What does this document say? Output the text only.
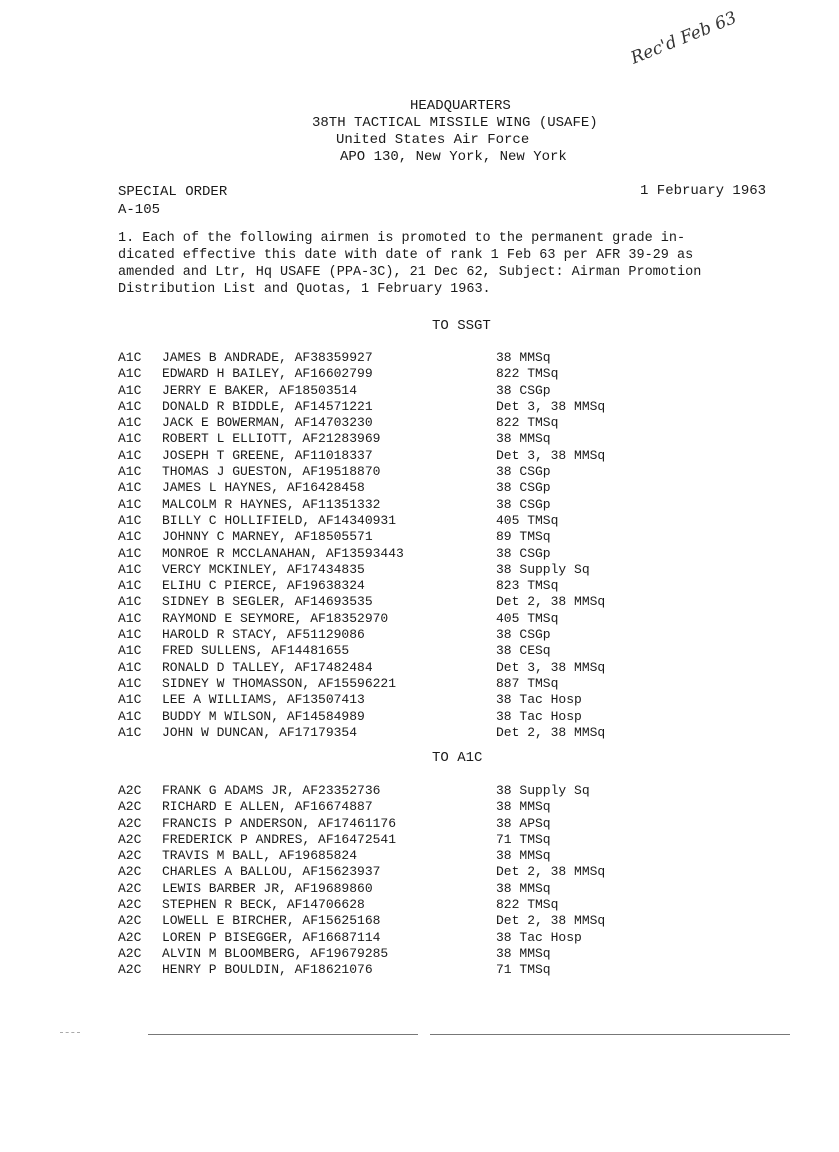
Rec'd Feb 63
HEADQUARTERS
38TH TACTICAL MISSILE WING (USAFE)
United States Air Force
APO 130, New York, New York
SPECIAL ORDER
A-105
1 February 1963
1. Each of the following airmen is promoted to the permanent grade in-
dicated effective this date with date of rank 1 Feb 63 per AFR 39-29 as
amended and Ltr, Hq USAFE (PPA-3C), 21 Dec 62, Subject: Airman Promotion
Distribution List and Quotas, 1 February 1963.
TO SSGT
A1C JAMES B ANDRADE, AF38359927	38 MMSq
A1C EDWARD H BAILEY, AF16602799	822 TMSq
A1C JERRY E BAKER, AF18503514	38 CSGp
A1C DONALD R BIDDLE, AF14571221	Det 3, 38 MMSq
A1C JACK E BOWERMAN, AF14703230	822 TMSq
A1C ROBERT L ELLIOTT, AF21283969	38 MMSq
A1C JOSEPH T GREENE, AF11018337	Det 3, 38 MMSq
A1C THOMAS J GUESTON, AF19518870	38 CSGp
A1C JAMES L HAYNES, AF16428458	38 CSGp
A1C MALCOLM R HAYNES, AF11351332	38 CSGp
A1C BILLY C HOLLIFIELD, AF14340931	405 TMSq
A1C JOHNNY C MARNEY, AF18505571	89 TMSq
A1C MONROE R MCCLANAHAN, AF13593443	38 CSGp
A1C VERCY MCKINLEY, AF17434835	38 Supply Sq
A1C ELIHU C PIERCE, AF19638324	823 TMSq
A1C SIDNEY B SEGLER, AF14693535	Det 2, 38 MMSq
A1C RAYMOND E SEYMORE, AF18352970	405 TMSq
A1C HAROLD R STACY, AF51129086	38 CSGp
A1C FRED SULLENS, AF14481655	38 CESq
A1C RONALD D TALLEY, AF17482484	Det 3, 38 MMSq
A1C SIDNEY W THOMASSON, AF15596221	887 TMSq
A1C LEE A WILLIAMS, AF13507413	38 Tac Hosp
A1C BUDDY M WILSON, AF14584989	38 Tac Hosp
A1C JOHN W DUNCAN, AF17179354	Det 2, 38 MMSq
TO A1C
A2C FRANK G ADAMS JR, AF23352736	38 Supply Sq
A2C RICHARD E ALLEN, AF16674887	38 MMSq
A2C FRANCIS P ANDERSON, AF17461176	38 APSq
A2C FREDERICK P ANDRES, AF16472541	71 TMSq
A2C TRAVIS M BALL, AF19685824	38 MMSq
A2C CHARLES A BALLOU, AF15623937	Det 2, 38 MMSq
A2C LEWIS BARBER JR, AF19689860	38 MMSq
A2C STEPHEN R BECK, AF14706628	822 TMSq
A2C LOWELL E BIRCHER, AF15625168	Det 2, 38 MMSq
A2C LOREN P BISEGGER, AF16687114	38 Tac Hosp
A2C ALVIN M BLOOMBERG, AF19679285	38 MMSq
A2C HENRY P BOULDIN, AF18621076	71 TMSq
